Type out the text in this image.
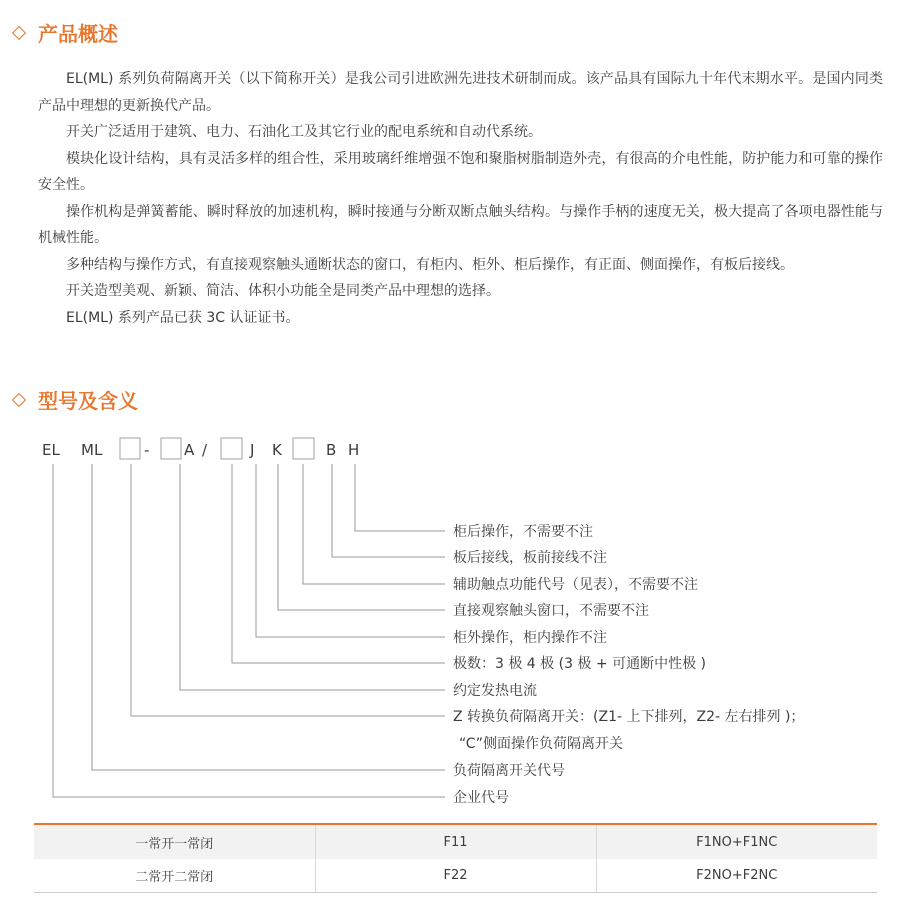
产品概述

EL(ML) 系列负荷隔离开关（以下简称开关）是我公司引进欧洲先进技术研制而成。该产品具有国际九十年代末期水平。是国内同类产品中理想的更新换代产品。

开关广泛适用于建筑、电力、石油化工及其它行业的配电系统和自动代系统。

模块化设计结构，具有灵活多样的组合性，采用玻璃纤维增强不饱和聚脂树脂制造外壳，有很高的介电性能，防护能力和可靠的操作安全性。

操作机构是弹簧蓄能、瞬时释放的加速机构，瞬时接通与分断双断点触头结构。与操作手柄的速度无关，极大提高了各项电器性能与机械性能。

多种结构与操作方式，有直接观察触头通断状态的窗口，有柜内、柜外、柜后操作，有正面、侧面操作，有板后接线。

开关造型美观、新颖、简洁、体积小功能全是同类产品中理想的选择。

EL(ML) 系列产品已获 3C 认证证书。

型号及含义
EL ML	- A /	J K	B H
柜后操作，不需要不注
板后接线，板前接线不注
辅助触点功能代号（见表），不需要不注
直接观察触头窗口，不需要不注
柜外操作，柜内操作不注
极数：3 极 4 极 (3 极 + 可通断中性极 )
约定发热电流
Z 转换负荷隔离开关：(Z1- 上下排列，Z2- 左右排列 )；
“C”侧面操作负荷隔离开关
负荷隔离开关代号
企业代号
一常开一常闭	F11	F1NO+F1NC
二常开二常闭	F22	F2NO+F2NC
